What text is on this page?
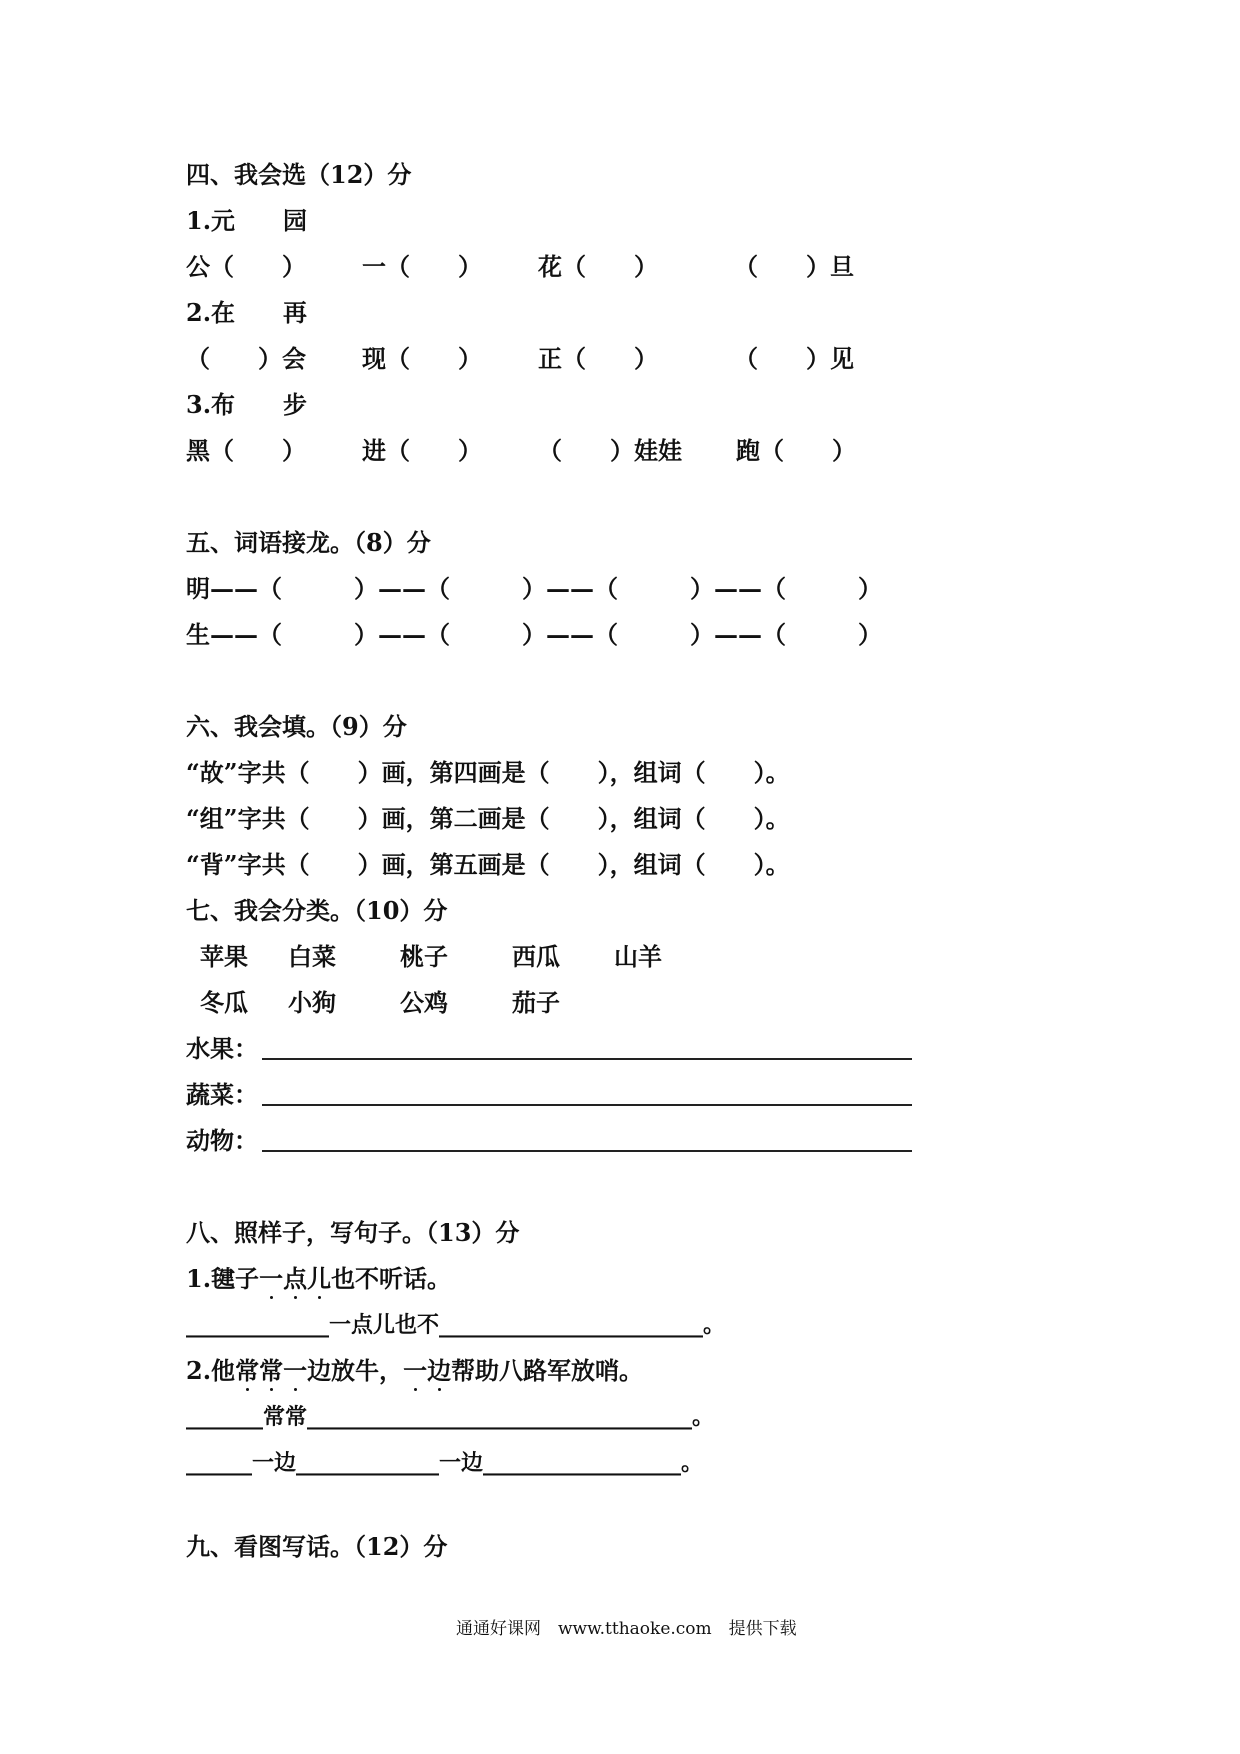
四、我会选（12）分
1.元　　园
公（　　） 一（　　） 花（　　）	（　　）旦
2.在　　再
（　　）会 现（　　） 正（　　）	（　　）见
3.布　　步
黑（　　） 进（　　） （　　）娃娃 跑（　　）
五、词语接龙。（8）分
明——（　　　）——（　　　）——（　　　）——（　　　）
生——（　　　）——（　　　）——（　　　）——（　　　）
六、我会填。（9）分
“故”字共（　　）画，第四画是（　　），组词（　　）。
“组”字共（　　）画，第二画是（　　），组词（　　）。
“背”字共（　　）画，第五画是（　　），组词（　　）。
七、我会分类。（10）分
苹果 白菜	桃子	西瓜 山羊
冬瓜 小狗	公鸡	茄子
水果：
蔬菜：
动物：
八、照样子，写句子。（13）分
1.毽子一点儿也不听话。
_____________一点儿也不________________________。
2.他常常一边放牛，一边帮助八路军放哨。
_______常常___________________________________。
______一边_____________一边__________________。
九、看图写话。（12）分
通通好课网　www.tthaoke.com　提供下载
